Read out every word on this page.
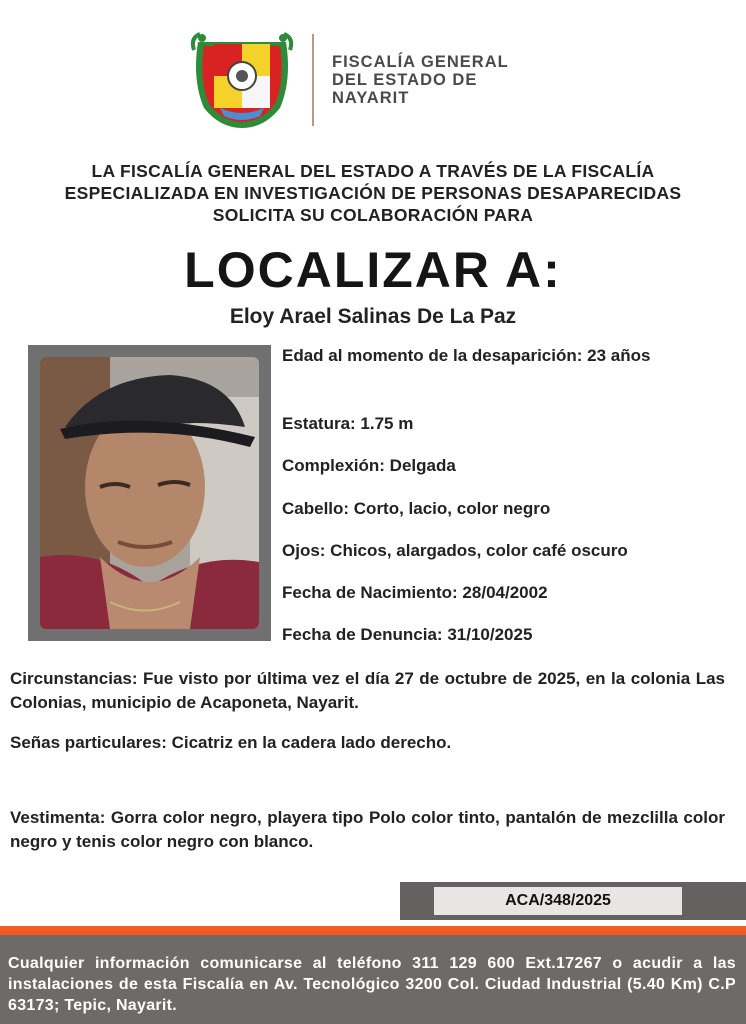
FISCALÍA GENERAL
DEL ESTADO DE
NAYARIT
LA FISCALÍA GENERAL DEL ESTADO A TRAVÉS DE LA FISCALÍA
ESPECIALIZADA EN INVESTIGACIÓN DE PERSONAS DESAPARECIDAS
SOLICITA SU COLABORACIÓN PARA
LOCALIZAR A:
Eloy Arael Salinas De La Paz
Edad al momento de la desaparición: 23 años
Estatura: 1.75 m
Complexión: Delgada
Cabello: Corto, lacio, color negro
Ojos: Chicos, alargados, color café oscuro
Fecha de Nacimiento: 28/04/2002
Fecha de Denuncia: 31/10/2025
Circunstancias: Fue visto por última vez el día 27 de octubre de 2025, en la colonia Las Colonias, municipio de Acaponeta, Nayarit.
Señas particulares: Cicatriz en la cadera lado derecho.
Vestimenta: Gorra color negro, playera tipo Polo color tinto, pantalón de mezclilla color negro y tenis color negro con blanco.
ACA/348/2025
Cualquier información comunicarse al teléfono 311 129 600 Ext.17267 o acudir a las instalaciones de esta Fiscalía en Av. Tecnológico 3200 Col. Ciudad Industrial (5.40 Km) C.P 63173; Tepic, Nayarit.
